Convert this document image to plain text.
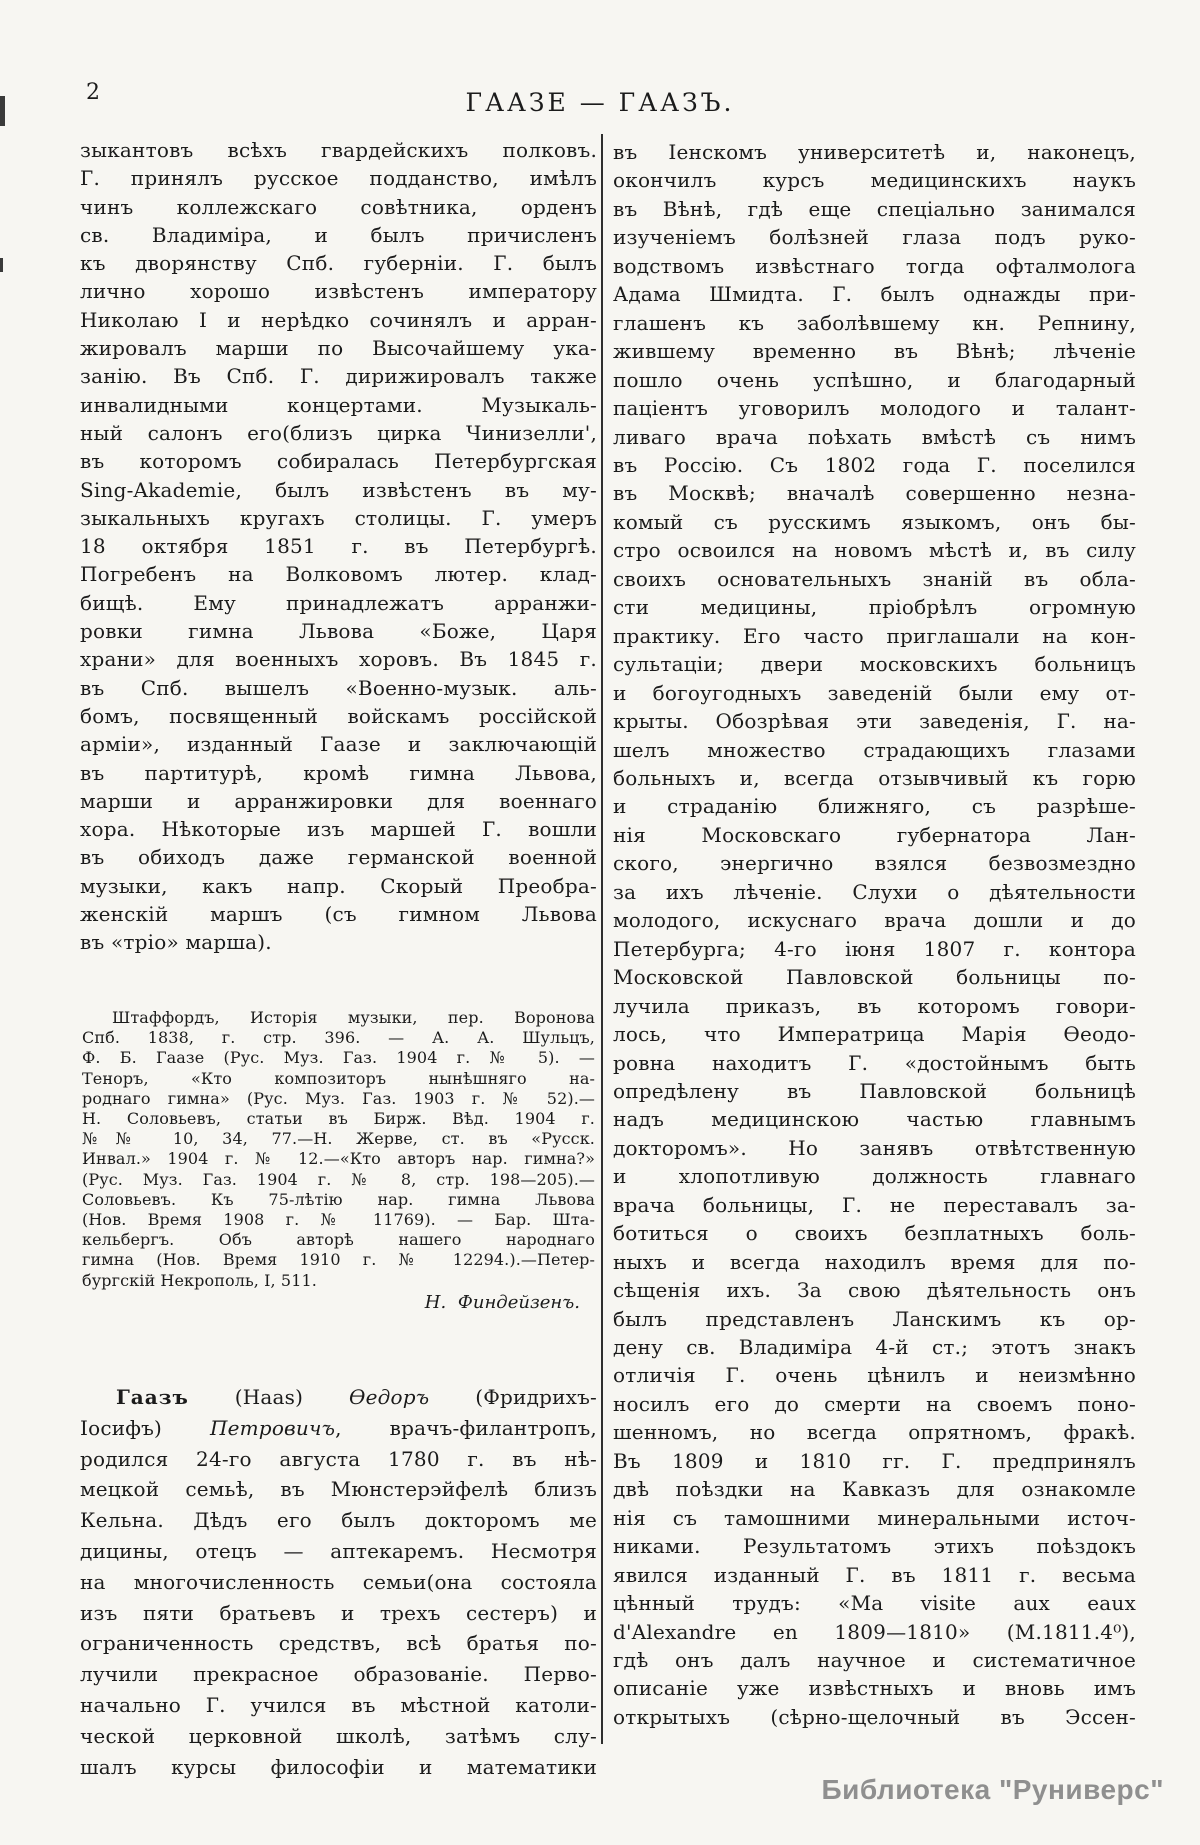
2	ГААЗЕ — ГААЗЪ.
зыкантовъ всѣхъ гвардейскихъ полковъ.
Г. принялъ русское подданство, имѣлъ
чинъ коллежскаго совѣтника, орденъ
св. Владиміра, и былъ причисленъ
къ дворянству Спб. губерніи. Г. былъ
лично хорошо извѣстенъ императору
Николаю I и нерѣдко сочинялъ и арран-
жировалъ марши по Высочайшему ука-
занію. Въ Спб. Г. дирижировалъ также
инвалидными концертами. Музыкаль-
ный салонъ его(близъ цирка Чинизелли',
въ которомъ собиралась Петербургская
Sing-Akademie, былъ извѣстенъ въ му-
зыкальныхъ кругахъ столицы. Г. умеръ
18 октября 1851 г. въ Петербургѣ.
Погребенъ на Волковомъ лютер. клад-
бищѣ. Ему принадлежатъ арранжи-
ровки гимна Львова «Боже, Царя
храни» для военныхъ хоровъ. Въ 1845 г.
въ Спб. вышелъ «Военно-музык. аль-
бомъ, посвященный войскамъ россійской
арміи», изданный Гаазе и заключающій
въ партитурѣ, кромѣ гимна Львова,
марши и арранжировки для военнаго
хора. Нѣкоторые изъ маршей Г. вошли
въ обиходъ даже германской военной
музыки, какъ напр. Скорый Преобра-
женскій маршъ (съ гимном Львова
въ «тріо» марша).
Штаффордъ, Исторія музыки, пер. Воронова
Спб. 1838, г. стр. 396. — А. А. Шульцъ,
Ф. Б. Гаазе (Рус. Муз. Газ. 1904 г. № 5). —
Теноръ, «Кто композиторъ нынѣшняго на-
роднаго гимна» (Рус. Муз. Газ. 1903 г. № 52).—
Н. Соловьевъ, статьи въ Бирж. Вѣд. 1904 г.
№№ 10, 34, 77.—Н. Жерве, ст. въ «Русск.
Инвал.» 1904 г. № 12.—«Кто авторъ нар. гимна?»
(Рус. Муз. Газ. 1904 г. № 8, стр. 198—205).—
Соловьевъ. Къ 75-лѣтію нар. гимна Львова
(Нов. Время 1908 г. № 11769). — Бар. Шта-
кельбергъ. Объ авторѣ нашего народнаго
гимна (Нов. Время 1910 г. № 12294.).—Петер-
бургскій Некрополь, I, 511.
Н. Финдейзенъ.
Гаазъ (Haas) Ѳедоръ (Фридрихъ-
Іосифъ) Петровичъ, врачъ-филантропъ,
родился 24-го августа 1780 г. въ нѣ-
мецкой семьѣ, въ Мюнстерэйфелѣ близъ
Кельна. Дѣдъ его былъ докторомъ ме
дицины, отецъ — аптекаремъ. Несмотря
на многочисленность семьи(она состояла
изъ пяти братьевъ и трехъ сестеръ) и
ограниченность средствъ, всѣ братья по-
лучили прекрасное образованіе. Перво-
начально Г. учился въ мѣстной католи-
ческой церковной школѣ, затѣмъ слу-
шалъ курсы философіи и математики
въ Іенскомъ университетѣ и, наконецъ,
окончилъ курсъ медицинскихъ наукъ
въ Вѣнѣ, гдѣ еще спеціально занимался
изученіемъ болѣзней глаза подъ руко-
водствомъ извѣстнаго тогда офталмолога
Адама Шмидта. Г. былъ однажды при-
глашенъ къ заболѣвшему кн. Репнину,
жившему временно въ Вѣнѣ; лѣченіе
пошло очень успѣшно, и благодарный
паціентъ уговорилъ молодого и талант-
ливаго врача поѣхать вмѣстѣ съ нимъ
въ Россію. Съ 1802 года Г. поселился
въ Москвѣ; вначалѣ совершенно незна-
комый съ русскимъ языкомъ, онъ бы-
стро освоился на новомъ мѣстѣ и, въ силу
своихъ основательныхъ знаній въ обла-
сти медицины, пріобрѣлъ огромную
практику. Его часто приглашали на кон-
сультаціи; двери московскихъ больницъ
и богоугодныхъ заведеній были ему от-
крыты. Обозрѣвая эти заведенія, Г. на-
шелъ множество страдающихъ глазами
больныхъ и, всегда отзывчивый къ горю
и страданію ближняго, съ разрѣше-
нія Московскаго губернатора Лан-
ского, энергично взялся безвозмездно
за ихъ лѣченіе. Слухи о дѣятельности
молодого, искуснаго врача дошли и до
Петербурга; 4-го іюня 1807 г. контора
Московской Павловской больницы по-
лучила приказъ, въ которомъ говори-
лось, что Императрица Марія Ѳеодо-
ровна находитъ Г. «достойнымъ быть
опредѣлену въ Павловской больницѣ
надъ медицинскою частью главнымъ
докторомъ». Но занявъ отвѣтственную
и хлопотливую должность главнаго
врача больницы, Г. не переставалъ за-
ботиться о своихъ безплатныхъ боль-
ныхъ и всегда находилъ время для по-
сѣщенія ихъ. За свою дѣятельность онъ
былъ представленъ Ланскимъ къ ор-
дену св. Владиміра 4-й ст.; этотъ знакъ
отличія Г. очень цѣнилъ и неизмѣнно
носилъ его до смерти на своемъ поно-
шенномъ, но всегда опрятномъ, фракѣ.
Въ 1809 и 1810 гг. Г. предпринялъ
двѣ поѣздки на Кавказъ для ознакомле
нія съ тамошними минеральными источ-
никами. Результатомъ этихъ поѣздокъ
явился изданный Г. въ 1811 г. весьма
цѣнный трудъ: «Ma visite aux eaux
d'Alexandre en 1809—1810» (М.1811.4⁰),
гдѣ онъ далъ научное и систематичное
описаніе уже извѣстныхъ и вновь имъ
открытыхъ (сѣрно-щелочный въ Эссен-
Библиотека "Руниверс"
